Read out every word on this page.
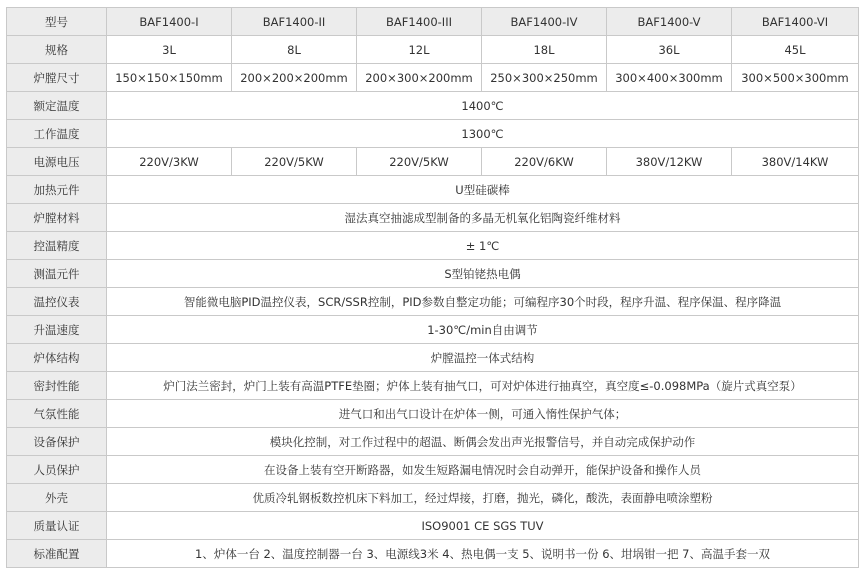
型号	BAF1400-I	BAF1400-II	BAF1400-III	BAF1400-IV	BAF1400-V	BAF1400-VI
规格	3L	8L	12L	18L	36L	45L
炉膛尺寸	150×150×150mm	200×200×200mm	200×300×200mm	250×300×250mm	300×400×300mm	300×500×300mm
额定温度	1400℃					
工作温度	1300℃					
电源电压	220V/3KW	220V/5KW	220V/5KW	220V/6KW	380V/12KW	380V/14KW
加热元件	U型硅碳棒					
炉膛材料	湿法真空抽滤成型制备的多晶无机氧化铝陶瓷纤维材料					
控温精度	± 1℃					
测温元件	S型铂铑热电偶					
温控仪表	智能微电脑PID温控仪表，SCR/SSR控制，PID参数自整定功能；可编程序30个时段，程序升温、程序保温、程序降温					
升温速度	1-30℃/min自由调节					
炉体结构	炉膛温控一体式结构					
密封性能	炉门法兰密封，炉门上装有高温PTFE垫圈；炉体上装有抽气口，可对炉体进行抽真空，真空度≤-0.098MPa（旋片式真空泵）					
气氛性能	进气口和出气口设计在炉体一侧，可通入惰性保护气体；					
设备保护	模块化控制，对工作过程中的超温、断偶会发出声光报警信号，并自动完成保护动作					
人员保护	在设备上装有空开断路器，如发生短路漏电情况时会自动弹开，能保护设备和操作人员					
外壳	优质冷轧钢板数控机床下料加工，经过焊接，打磨，抛光，磷化，酸洗，表面静电喷涂塑粉					
质量认证	ISO9001 CE SGS TUV					
标准配置	1、炉体一台 2、温度控制器一台 3、电源线3米 4、热电偶一支 5、说明书一份 6、坩埚钳一把 7、高温手套一双					
